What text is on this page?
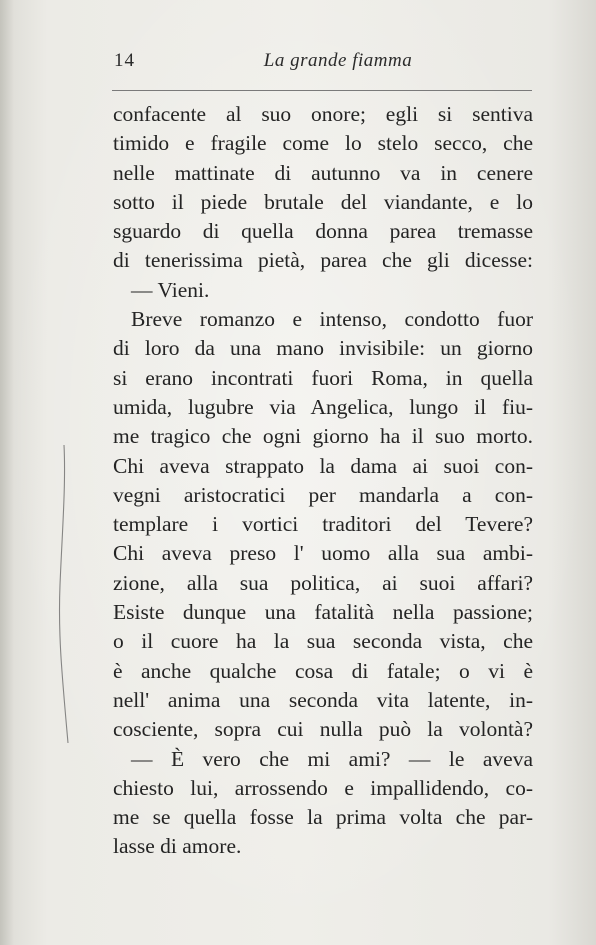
14	La grande fiamma
confacente al suo onore; egli si sentiva
timido e fragile come lo stelo secco, che
nelle mattinate di autunno va in cenere
sotto il piede brutale del viandante, e lo
sguardo di quella donna parea tremasse
di tenerissima pietà, parea che gli dicesse:
— Vieni.
Breve romanzo e intenso, condotto fuor
di loro da una mano invisibile: un giorno
si erano incontrati fuori Roma, in quella
umida, lugubre via Angelica, lungo il fiu-
me tragico che ogni giorno ha il suo morto.
Chi aveva strappato la dama ai suoi con-
vegni aristocratici per mandarla a con-
templare i vortici traditori del Tevere?
Chi aveva preso l' uomo alla sua ambi-
zione, alla sua politica, ai suoi affari?
Esiste dunque una fatalità nella passione;
o il cuore ha la sua seconda vista, che
è anche qualche cosa di fatale; o vi è
nell' anima una seconda vita latente, in-
cosciente, sopra cui nulla può la volontà?
— È vero che mi ami? — le aveva
chiesto lui, arrossendo e impallidendo, co-
me se quella fosse la prima volta che par-
lasse di amore.
